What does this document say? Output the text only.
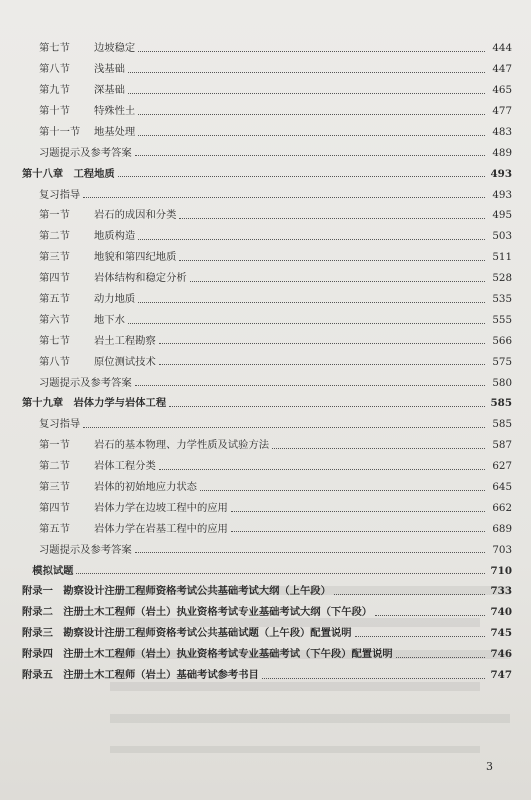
第七节	边坡稳定	444
第八节	浅基础	447
第九节	深基础	465
第十节	特殊性土	477
第十一节	地基处理	483
习题提示及参考答案	489
第十八章 工程地质	493
复习指导	493
第一节	岩石的成因和分类	495
第二节	地质构造	503
第三节	地貌和第四纪地质	511
第四节	岩体结构和稳定分析	528
第五节	动力地质	535
第六节	地下水	555
第七节	岩土工程勘察	566
第八节	原位测试技术	575
习题提示及参考答案	580
第十九章 岩体力学与岩体工程	585
复习指导	585
第一节	岩石的基本物理、力学性质及试验方法	587
第二节	岩体工程分类	627
第三节	岩体的初始地应力状态	645
第四节	岩体力学在边坡工程中的应用	662
第五节	岩体力学在岩基工程中的应用	689
习题提示及参考答案	703
模拟试题	710
附录一 勘察设计注册工程师资格考试公共基础考试大纲（上午段）	733
附录二 注册土木工程师（岩土）执业资格考试专业基础考试大纲（下午段）	740
附录三 勘察设计注册工程师资格考试公共基础试题（上午段）配置说明	745
附录四 注册土木工程师（岩土）执业资格考试专业基础考试（下午段）配置说明	746
附录五 注册土木工程师（岩土）基础考试参考书目	747
3
